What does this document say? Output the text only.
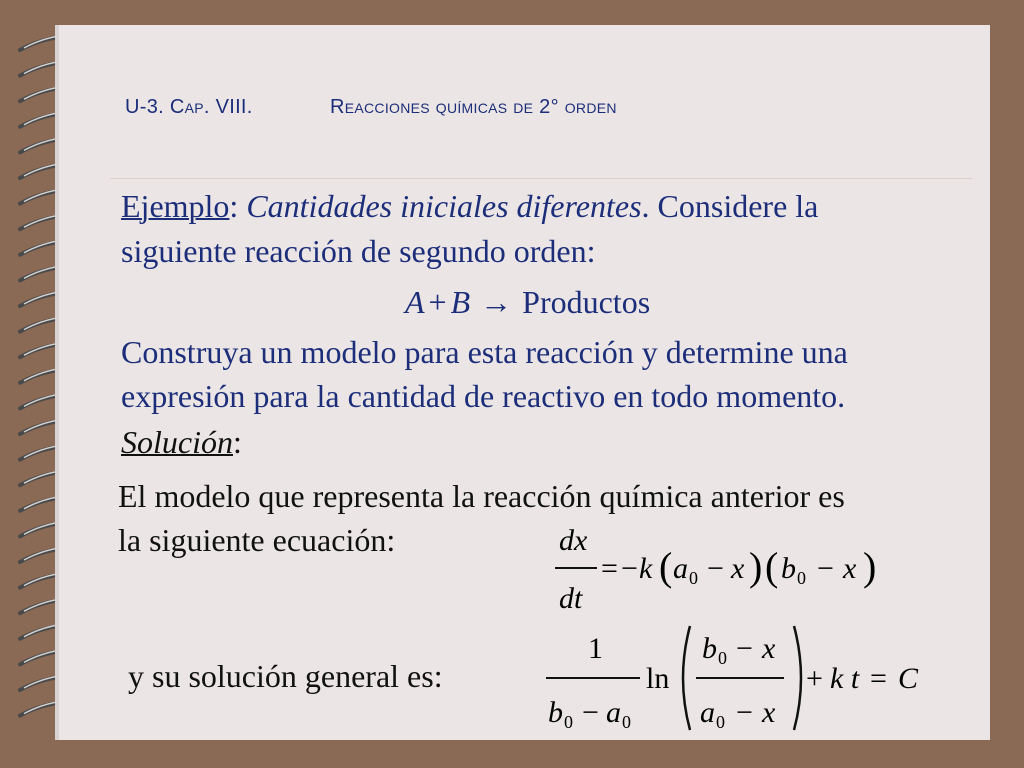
U-3. Cap. VIII.	Reacciones químicas de 2° orden
Ejemplo: Cantidades iniciales diferentes. Considere la
siguiente reacción de segundo orden:
A + B → Productos
Construya un modelo para esta reacción y determine una
expresión para la cantidad de reactivo en todo momento.
Solución:
El modelo que representa la reacción química anterior es
la siguiente ecuación:	dx
dt
= − k ( a 0 − x ) ( b 0 − x )
y su solución general es:
1
b 0 − a 0
ln
b 0 − x
a 0 − x
+ k t = C
